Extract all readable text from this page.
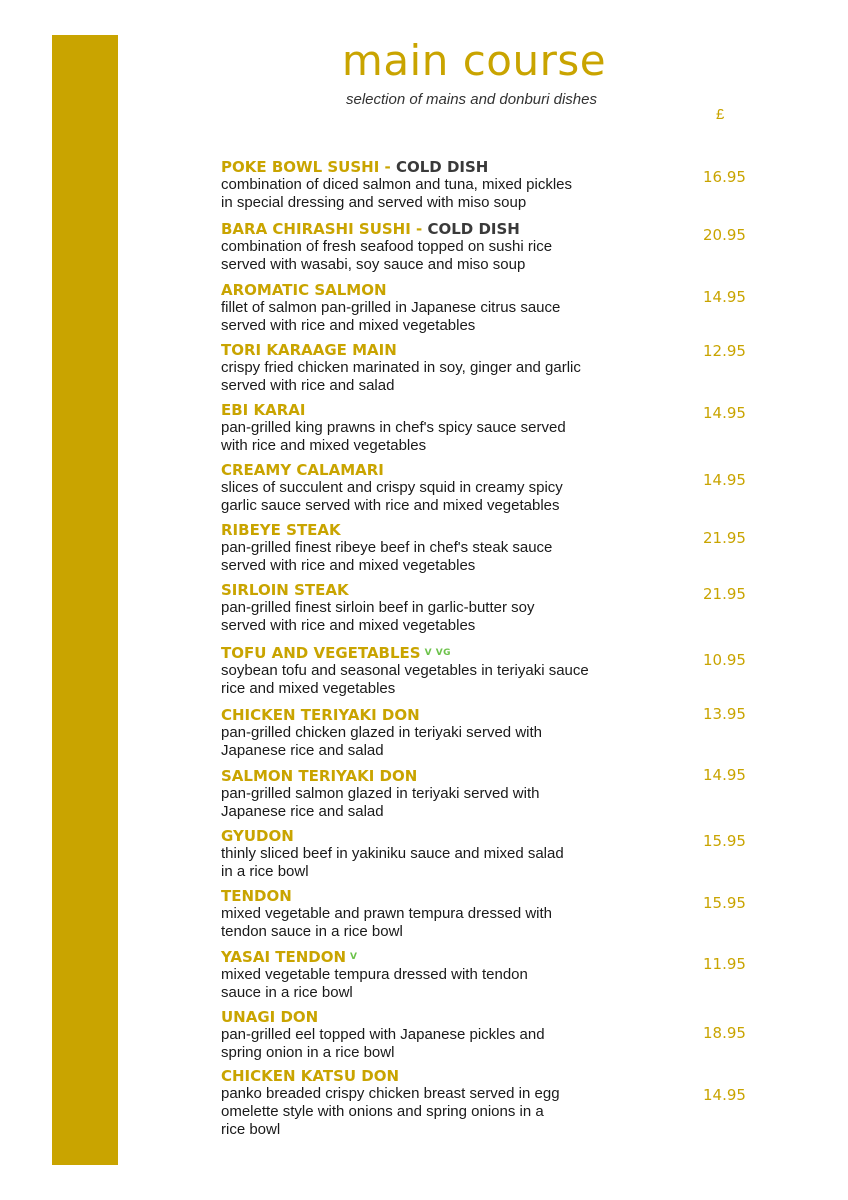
main course
selection of mains and donburi dishes
£
POKE BOWL SUSHI - COLD DISH
combination of diced salmon and tuna, mixed pickles
in special dressing and served with miso soup
16.95
BARA CHIRASHI SUSHI - COLD DISH
combination of fresh seafood topped on sushi rice
served with wasabi, soy sauce and miso soup
20.95
AROMATIC SALMON
fillet of salmon pan-grilled in Japanese citrus sauce
served with rice and mixed vegetables
14.95
TORI KARAAGE MAIN
crispy fried chicken marinated in soy, ginger and garlic
served with rice and salad
12.95
EBI KARAI
pan-grilled king prawns in chef's spicy sauce served
with rice and mixed vegetables
14.95
CREAMY CALAMARI
slices of succulent and crispy squid in creamy spicy
garlic sauce served with rice and mixed vegetables
14.95
RIBEYE STEAK
pan-grilled finest ribeye beef in chef's steak sauce
served with rice and mixed vegetables
21.95
SIRLOIN STEAK
pan-grilled finest sirloin beef in garlic-butter soy
served with rice and mixed vegetables
21.95
TOFU AND VEGETABLES $^{V VG}$
soybean tofu and seasonal vegetables in teriyaki sauce
rice and mixed vegetables
10.95
CHICKEN TERIYAKI DON
pan-grilled chicken glazed in teriyaki served with
Japanese rice and salad
13.95
SALMON TERIYAKI DON
pan-grilled salmon glazed in teriyaki served with
Japanese rice and salad
14.95
GYUDON
thinly sliced beef in yakiniku sauce and mixed salad
in a rice bowl
15.95
TENDON
mixed vegetable and prawn tempura dressed with
tendon sauce in a rice bowl
15.95
YASAI TENDON $^V$
mixed vegetable tempura dressed with tendon
sauce in a rice bowl
11.95
UNAGI DON
pan-grilled eel topped with Japanese pickles and
spring onion in a rice bowl
18.95
CHICKEN KATSU DON
panko breaded crispy chicken breast served in egg
omelette style with onions and spring onions in a
rice bowl
14.95
